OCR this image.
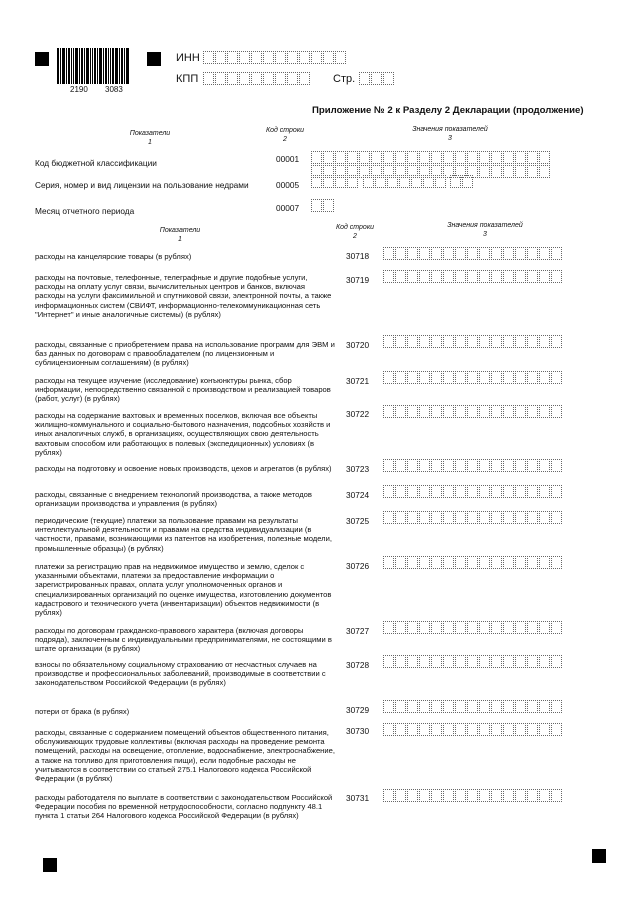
2190 3083
ИНН
КПП	Стр.
Приложение № 2 к Разделу 2 Декларации (продолжение)
Показатели
1
Код строки
2
Значения показателей
3
Код бюджетной классификации	00001
Серия, номер и вид лицензии на пользование недрами	00005
Месяц отчетного периода	00007
Показатели
1
Код строки
2
Значения показателей
3
расходы на канцелярские товары (в рублях)	30718
расходы на почтовые, телефонные, телеграфные и другие подобные услуги, расходы на оплату услуг связи, вычислительных центров и банков, включая расходы на услуги факсимильной и спутниковой связи, электронной почты, а также информационных систем (СВИФТ, информационно-телекоммуникационная сеть "Интернет" и иные аналогичные системы) (в рублях)
30719
расходы, связанные с приобретением права на использование программ для ЭВМ и баз данных по договорам с правообладателем (по лицензионным и сублицензионным соглашениям) (в рублях)
30720
расходы на текущее изучение (исследование) конъюнктуры рынка, сбор информации, непосредственно связанной с производством и реализацией товаров (работ, услуг) (в рублях)
30721
расходы на содержание вахтовых и временных поселков, включая все объекты жилищно-коммунального и социально-бытового назначения, подсобных хозяйств и иных аналогичных служб, в организациях, осуществляющих свою деятельность вахтовым способом или работающих в полевых (экспедиционных) условиях (в рублях)
30722
расходы на подготовку и освоение новых производств, цехов и агрегатов (в рублях)	30723
расходы, связанные с внедрением технологий производства, а также методов организации производства и управления (в рублях)
30724
периодические (текущие) платежи за пользование правами на результаты интеллектуальной деятельности и правами на средства индивидуализации (в частности, правами, возникающими из патентов на изобретения, полезные модели, промышленные образцы) (в рублях)
30725
платежи за регистрацию прав на недвижимое имущество и землю, сделок с указанными объектами, платежи за предоставление информации о зарегистрированных правах, оплата услуг уполномоченных органов и специализированных организаций по оценке имущества, изготовлению документов кадастрового и технического учета (инвентаризации) объектов недвижимости (в рублях)
30726
расходы по договорам гражданско-правового характера (включая договоры подряда), заключенным с индивидуальными предпринимателями, не состоящими в штате организации (в рублях)
30727
взносы по обязательному социальному страхованию от несчастных случаев на производстве и профессиональных заболеваний, производимые в соответствии с законодательством Российской Федерации (в рублях)
30728
потери от брака (в рублях)	30729
расходы, связанные с содержанием помещений объектов общественного питания, обслуживающих трудовые коллективы (включая расходы на проведение ремонта помещений, расходы на освещение, отопление, водоснабжение, электроснабжение, а также на топливо для приготовления пищи), если подобные расходы не учитываются в соответствии со статьей 275.1 Налогового кодекса Российской Федерации (в рублях)
30730
расходы работодателя по выплате в соответствии с законодательством Российской Федерации пособия по временной нетрудоспособности, согласно подпункту 48.1 пункта 1 статьи 264 Налогового кодекса Российской Федерации (в рублях)
30731
